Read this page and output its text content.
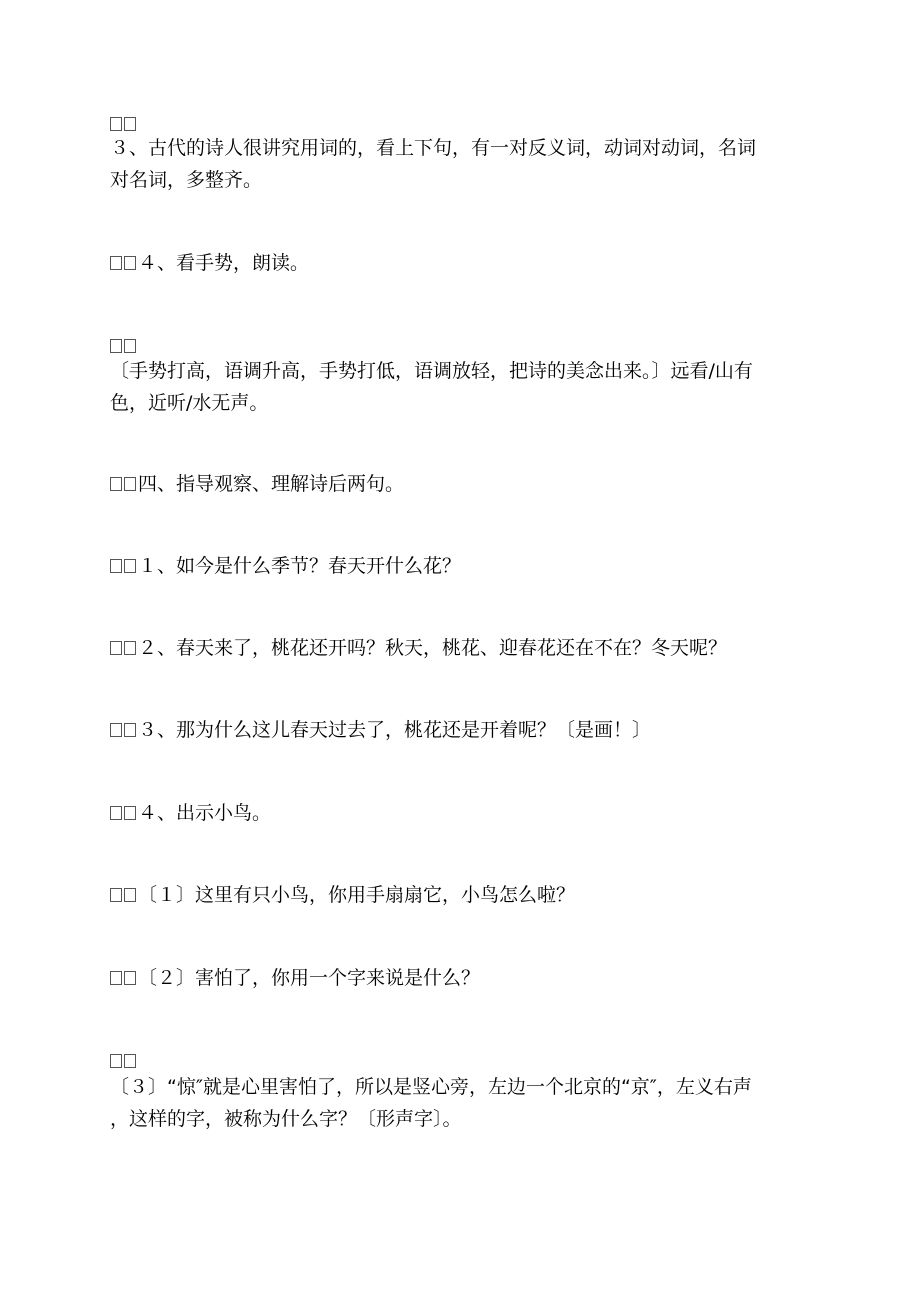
３、古代的诗人很讲究用词的，看上下句，有一对反义词，动词对动词，名词
对名词，多整齐。
４、看手势，朗读。
〔手势打高，语调升高，手势打低，语调放轻，把诗的美念出来。〕远看/山有
色，近听/水无声。
四、指导观察、理解诗后两句。
１、如今是什么季节？春天开什么花？
２、春天来了，桃花还开吗？秋天，桃花、迎春花还在不在？冬天呢？
３、那为什么这儿春天过去了，桃花还是开着呢？〔是画！〕
４、出示小鸟。
〔１〕这里有只小鸟，你用手扇扇它，小鸟怎么啦？
〔２〕害怕了，你用一个字来说是什么？
〔３〕“惊″就是心里害怕了，所以是竖心旁，左边一个北京的“京″，左义右声
，这样的字，被称为什么字？〔形声字〕。
